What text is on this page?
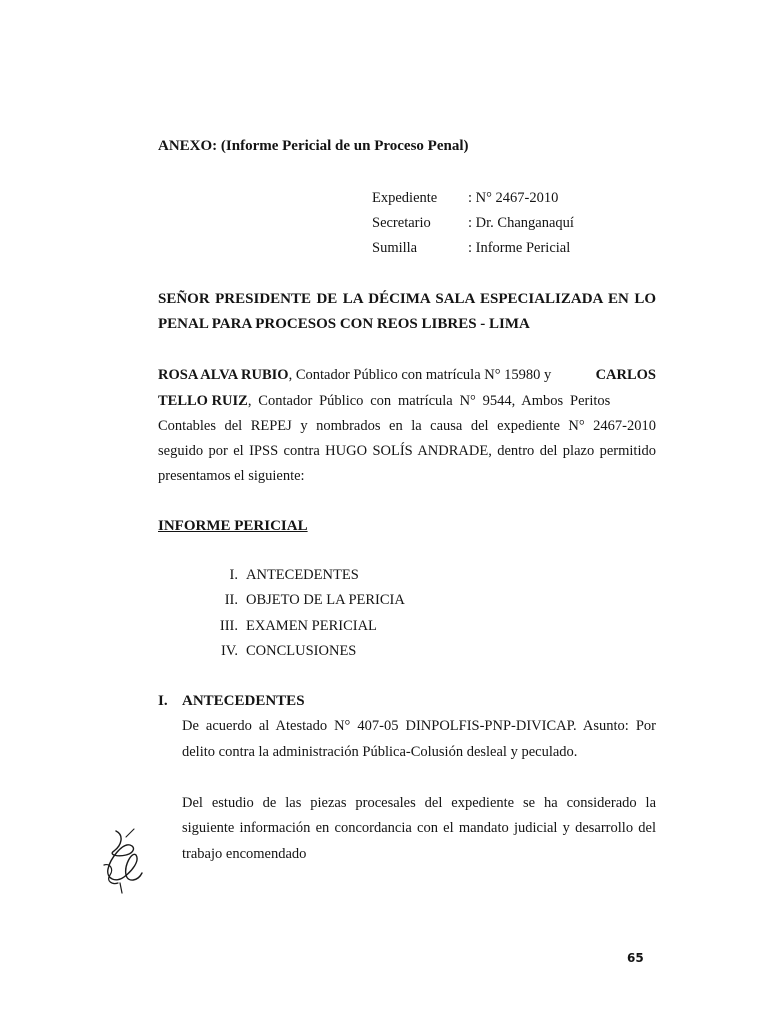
ANEXO: (Informe Pericial de un Proceso Penal)
Expediente : N° 2467-2010
Secretario	: Dr. Changanaquí
Sumilla	: Informe Pericial
SEÑOR PRESIDENTE DE LA DÉCIMA SALA ESPECIALIZADA EN LO
PENAL PARA PROCESOS CON REOS LIBRES - LIMA
ROSA ALVA RUBIO, Contador Público con matrícula N° 15980 y	CARLOS
TELLO RUIZ, Contador Público con matrícula N° 9544, Ambos Peritos
Contables del REPEJ y nombrados en la causa del expediente N° 2467-2010
seguido por el IPSS contra HUGO SOLÍS ANDRADE, dentro del plazo permitido
presentamos el siguiente:
INFORME PERICIAL
I. ANTECEDENTES
II. OBJETO DE LA PERICIA
III. EXAMEN PERICIAL
IV. CONCLUSIONES
I. ANTECEDENTES
De acuerdo al Atestado N° 407-05 DINPOLFIS-PNP-DIVICAP. Asunto: Por
delito contra la administración Pública-Colusión desleal y peculado.
Del estudio de las piezas procesales del expediente se ha considerado la
siguiente información en concordancia con el mandato judicial y desarrollo del
trabajo encomendado
65
